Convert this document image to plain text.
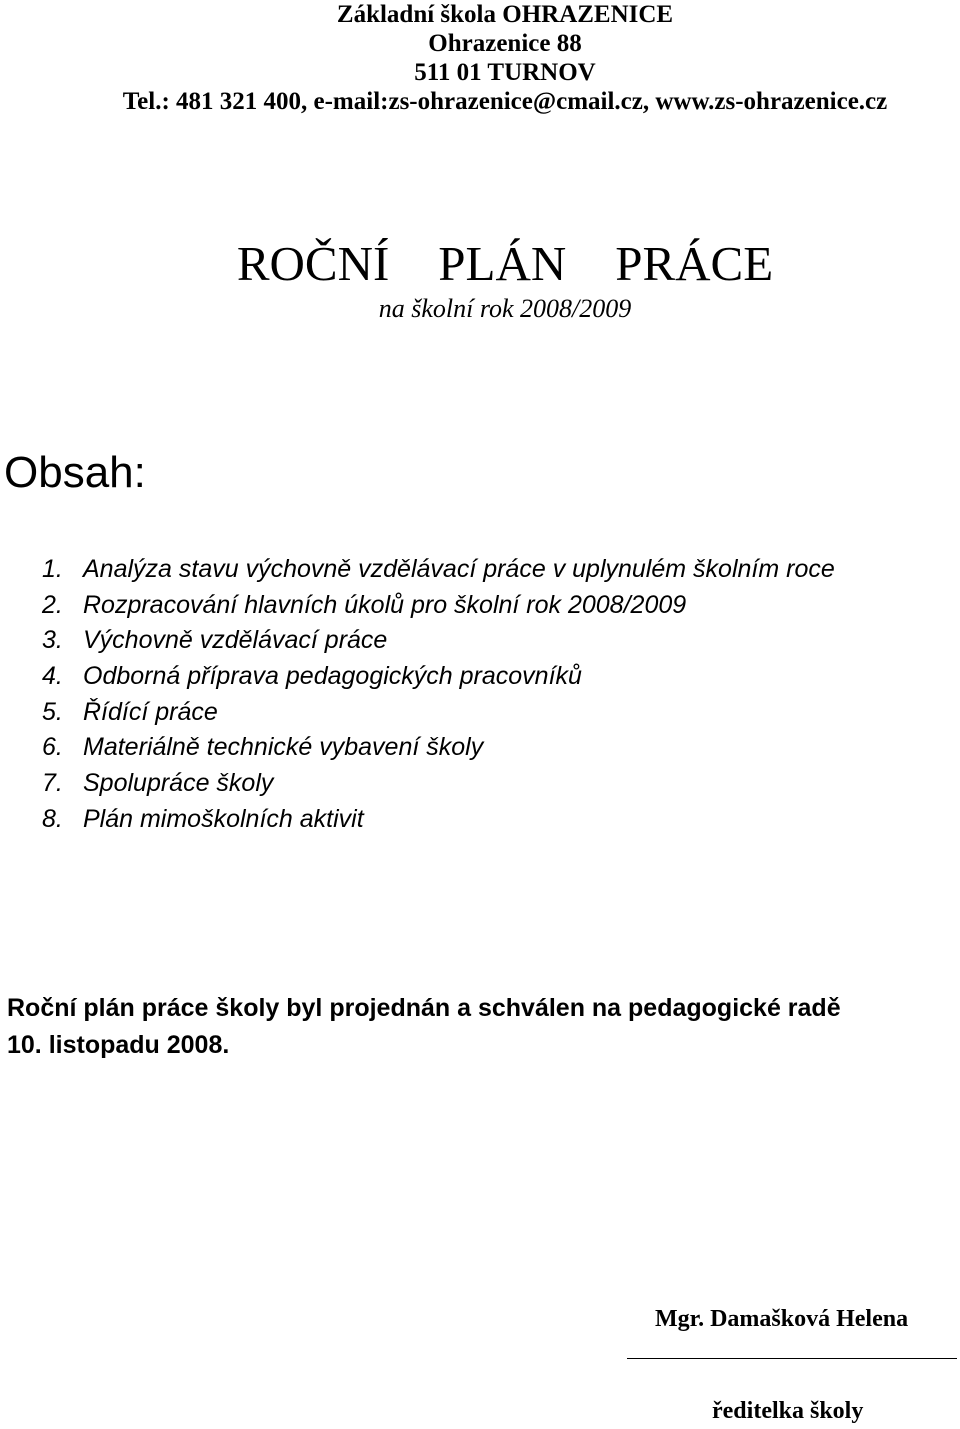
Základní škola OHRAZENICE
Ohrazenice 88
511 01 TURNOV
Tel.: 481 321 400, e-mail:zs-ohrazenice@cmail.cz, www.zs-ohrazenice.cz
ROČNÍ    PLÁN    PRÁCE
na školní rok 2008/2009
Obsah:
1. Analýza stavu výchovně vzdělávací práce v uplynulém školním roce
2. Rozpracování hlavních úkolů pro školní rok 2008/2009
3. Výchovně vzdělávací práce
4. Odborná příprava pedagogických pracovníků
5. Řídící práce
6. Materiálně technické vybavení školy
7. Spolupráce školy
8. Plán mimoškolních aktivit
Roční plán práce školy byl projednán a schválen na pedagogické radě
10. listopadu 2008.
Mgr. Damašková Helena
ředitelka školy
